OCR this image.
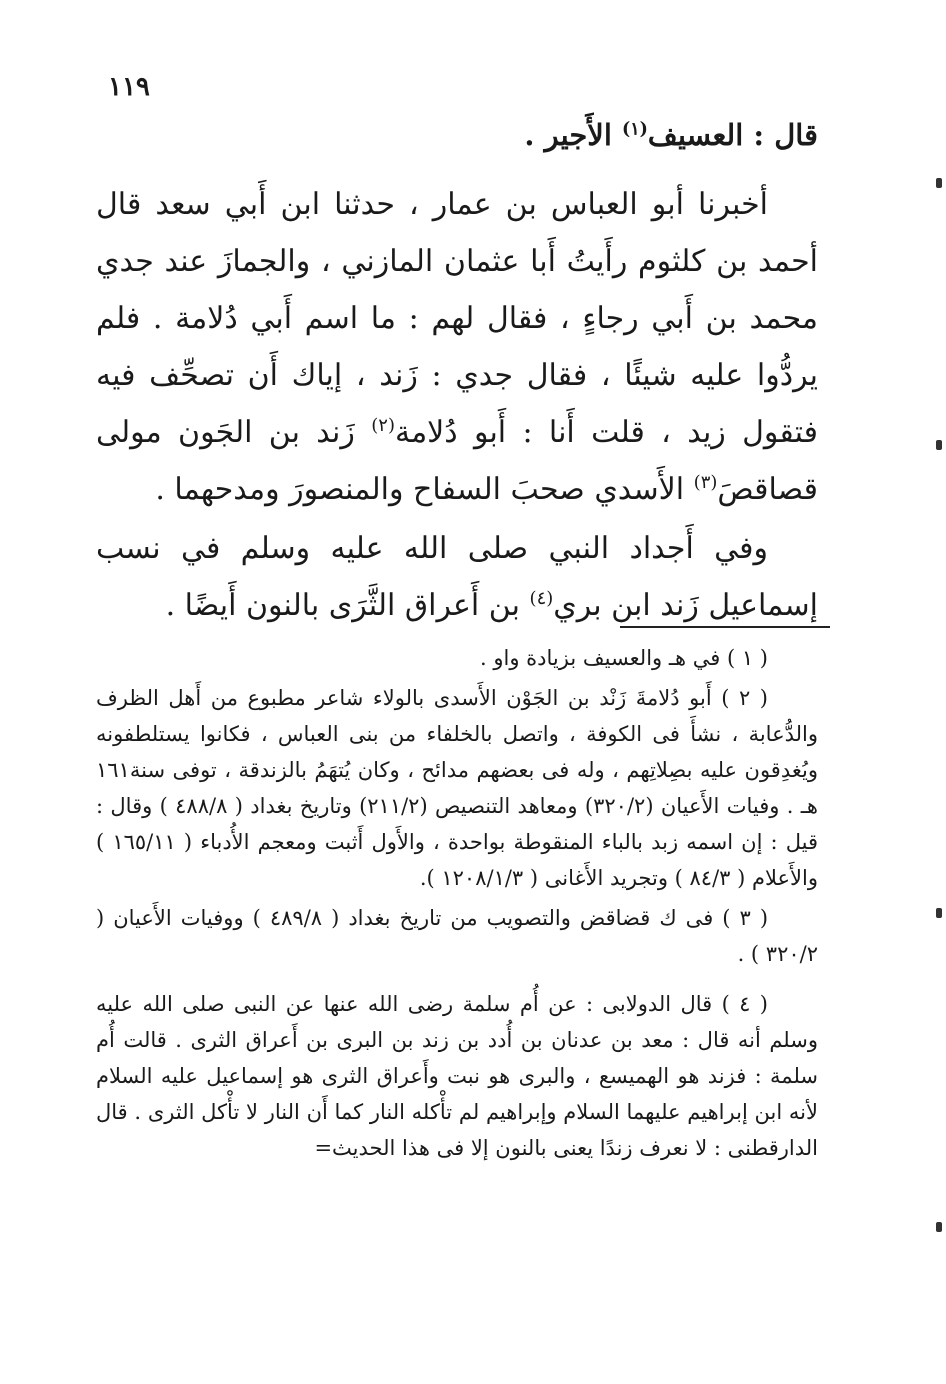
١١٩
قال : العسيف$^{(١)}$ الأَجير .

أخبرنا أبو العباس بن عمار ، حدثنا ابن أَبي سعد قال أحمد بن كلثوم رأَيتُ أَبا عثمان المازني ، والجمازَ عند جدي محمد بن أَبي رجاءٍ ، فقال لهم : ما اسم أَبي دُلامة . فلم يردُّوا عليه شيئًا ، فقال جدي : زَند ، إياك أَن تصحِّف فيه فتقول زيد ، قلت أَنا : أَبو دُلامة$^{(٢)}$ زَند بن الجَون مولى قصاقصَ$^{(٣)}$ الأَسدي صحبَ السفاح والمنصورَ ومدحهما .

وفي أَجداد النبي صلى الله عليه وسلم في نسب إسماعيل زَند ابن بري$^{(٤)}$ بن أَعراق الثَّرَى بالنون أَيضًا .

( ١ ) في هـ والعسيف بزيادة واو .

( ٢ ) أَبو دُلامةَ زَنْد بن الجَوْن الأَسدى بالولاء شاعر مطبوع من أَهل الظرف والدُّعابة ، نشأَ فى الكوفة ، واتصل بالخلفاء من بنى العباس ، فكانوا يستلطفونه ويُغدِقون عليه بصِلاتِهم ، وله فى بعضهم مدائح ، وكان يُتهَمُ بالزندقة ، توفى سنة١٦١ هـ . وفيات الأَعيان (٣٢٠/٢) ومعاهد التنصيص (٢١١/٢) وتاريخ بغداد ( ٤٨٨/٨ ) وقال : قيل : إن اسمه زبد بالباء المنقوطة بواحدة ، والأَول أَثبت ومعجم الأُدباء ( ١٦٥/١١ ) والأَعلام ( ٨٤/٣ ) وتجريد الأَغانى ( ١٢٠٨/١/٣ ).

( ٣ ) فى ك قضاقض والتصويب من تاريخ بغداد ( ٤٨٩/٨ ) ووفيات الأَعيان ( ٣٢٠/٢ ) .

( ٤ ) قال الدولابى : عن أُم سلمة رضى الله عنها عن النبى صلى الله عليه وسلم أنه قال : معد بن عدنان بن أُدد بن زند بن البرى بن أَعراق الثرى . قالت أُم سلمة : فزند هو الهميسع ، والبرى هو نبت وأَعراق الثرى هو إسماعيل عليه السلام لأنه ابن إبراهيم عليهما السلام وإبراهيم لم تأْكله النار كما أَن النار لا تأْكل الثرى . قال الدارقطنى : لا نعرف زندًا يعنى بالنون إلا فى هذا الحديث=
